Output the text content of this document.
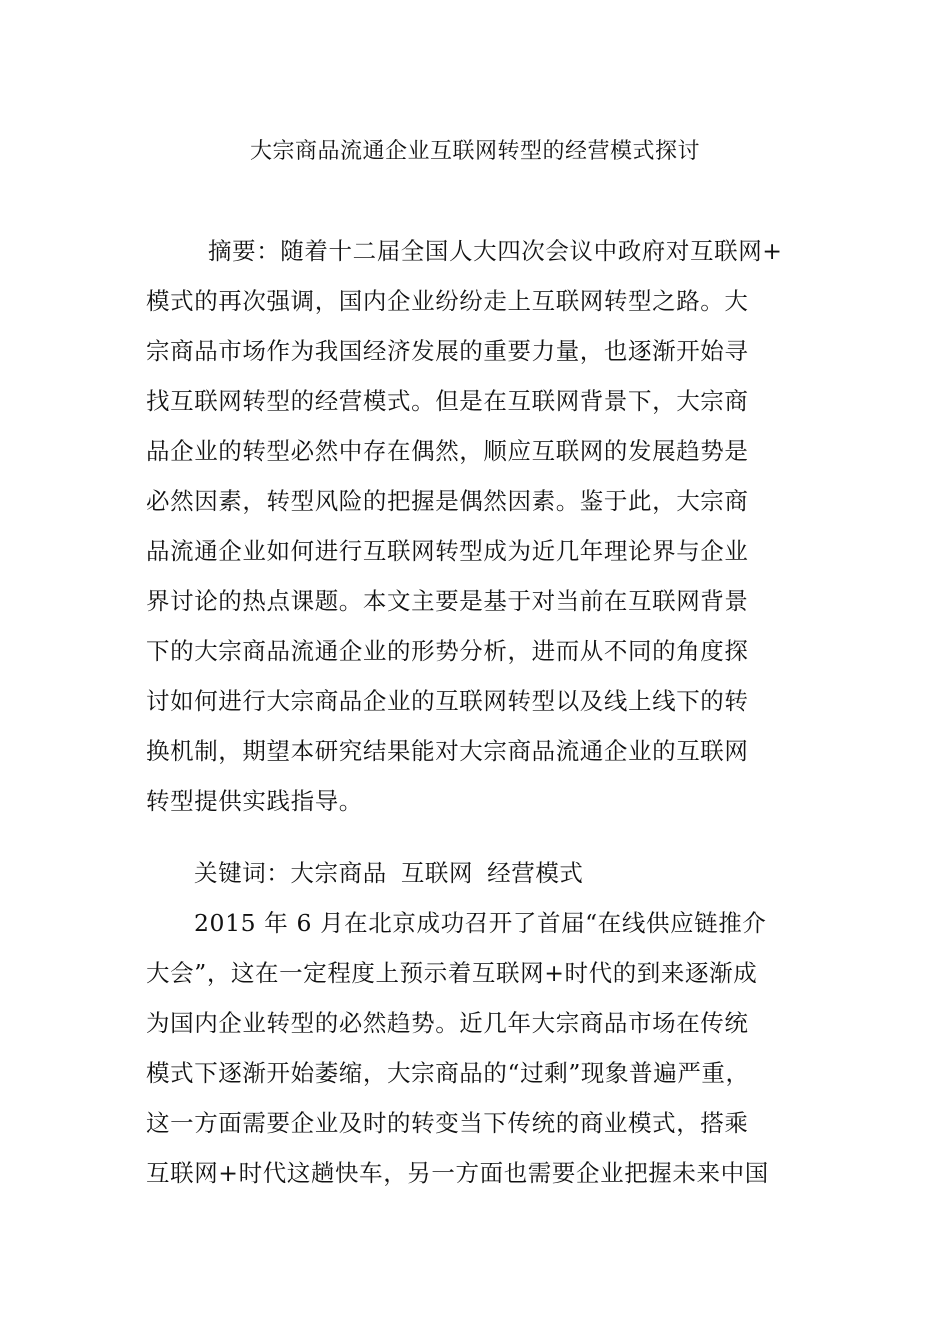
大宗商品流通企业互联网转型的经营模式探讨
摘要：随着十二届全国人大四次会议中政府对互联网+
模式的再次强调，国内企业纷纷走上互联网转型之路。大
宗商品市场作为我国经济发展的重要力量，也逐渐开始寻
找互联网转型的经营模式。但是在互联网背景下，大宗商
品企业的转型必然中存在偶然，顺应互联网的发展趋势是
必然因素，转型风险的把握是偶然因素。鉴于此，大宗商
品流通企业如何进行互联网转型成为近几年理论界与企业
界讨论的热点课题。本文主要是基于对当前在互联网背景
下的大宗商品流通企业的形势分析，进而从不同的角度探
讨如何进行大宗商品企业的互联网转型以及线上线下的转
换机制，期望本研究结果能对大宗商品流通企业的互联网
转型提供实践指导。
关键词：大宗商品 互联网 经营模式
2015 年 6 月在北京成功召开了首届“在线供应链推介
大会”，这在一定程度上预示着互联网+时代的到来逐渐成
为国内企业转型的必然趋势。近几年大宗商品市场在传统
模式下逐渐开始萎缩，大宗商品的“过剩”现象普遍严重，
这一方面需要企业及时的转变当下传统的商业模式，搭乘
互联网+时代这趟快车，另一方面也需要企业把握未来中国
